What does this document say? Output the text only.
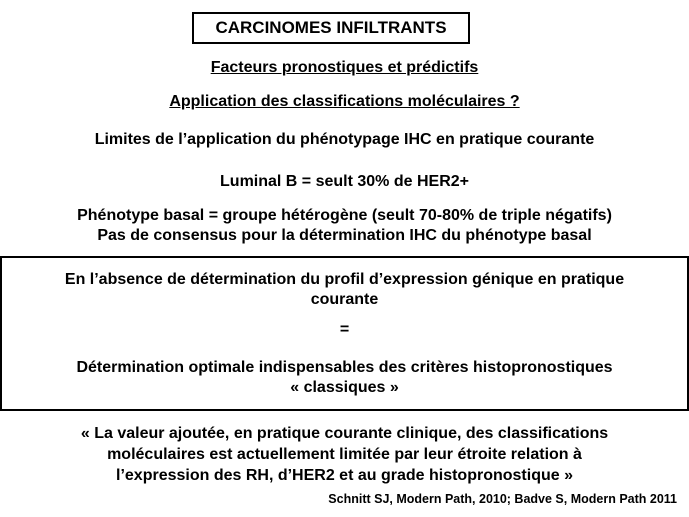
CARCINOMES INFILTRANTS
Facteurs pronostiques et prédictifs
Application des classifications moléculaires ?
Limites de l’application du phénotypage IHC en pratique courante
Luminal B = seult 30% de HER2+
Phénotype basal = groupe hétérogène (seult 70-80% de triple négatifs)
Pas de consensus pour la détermination IHC du phénotype basal
En l’absence de détermination du profil d’expression génique en pratique
courante
=
Détermination optimale indispensables des critères histopronostiques
« classiques »
« La valeur ajoutée, en pratique courante clinique, des classifications
moléculaires est actuellement limitée par leur étroite relation à
l’expression des RH, d’HER2 et au grade histopronostique »
Schnitt SJ, Modern Path, 2010; Badve S, Modern Path 2011
